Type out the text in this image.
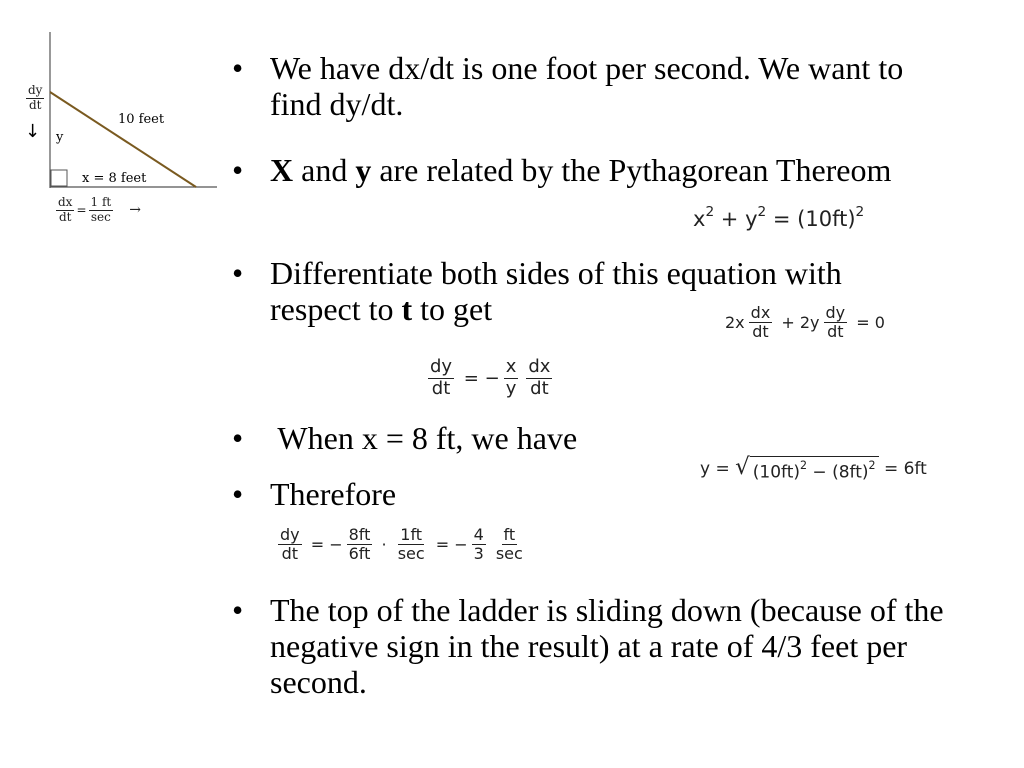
$\frac{dy}{dt}$
↓ y
10 feet
x = 8 feet
$\frac{dx}{dt} = \frac{1 ft}{\sec}$ →
• We have dx/dt is one foot per second. We want to find dy/dt.
• X and y are related by the Pythagorean Thereom
$x^2 + y^2 = (10ft)^2$
• Differentiate both sides of this equation with respect to t to get	$2x \frac{dx}{dt} + 2y \frac{dy}{dt} = 0$
$\frac{dy}{dt}$ = − $\frac{x}{y} \frac{dx}{dt}$
• When x = 8 ft, we have
y = √ $(10ft)^2 - (8ft)^2 = 6ft$
• Therefore
$\frac{dy}{dt}$ = − $\frac{8ft}{6ft} \cdot \frac{1ft}{\sec}$ = − $\frac{4}{3} \frac{ft}{\sec}$
• The top of the ladder is sliding down (because of the negative sign in the result) at a rate of 4/3 feet per second.
